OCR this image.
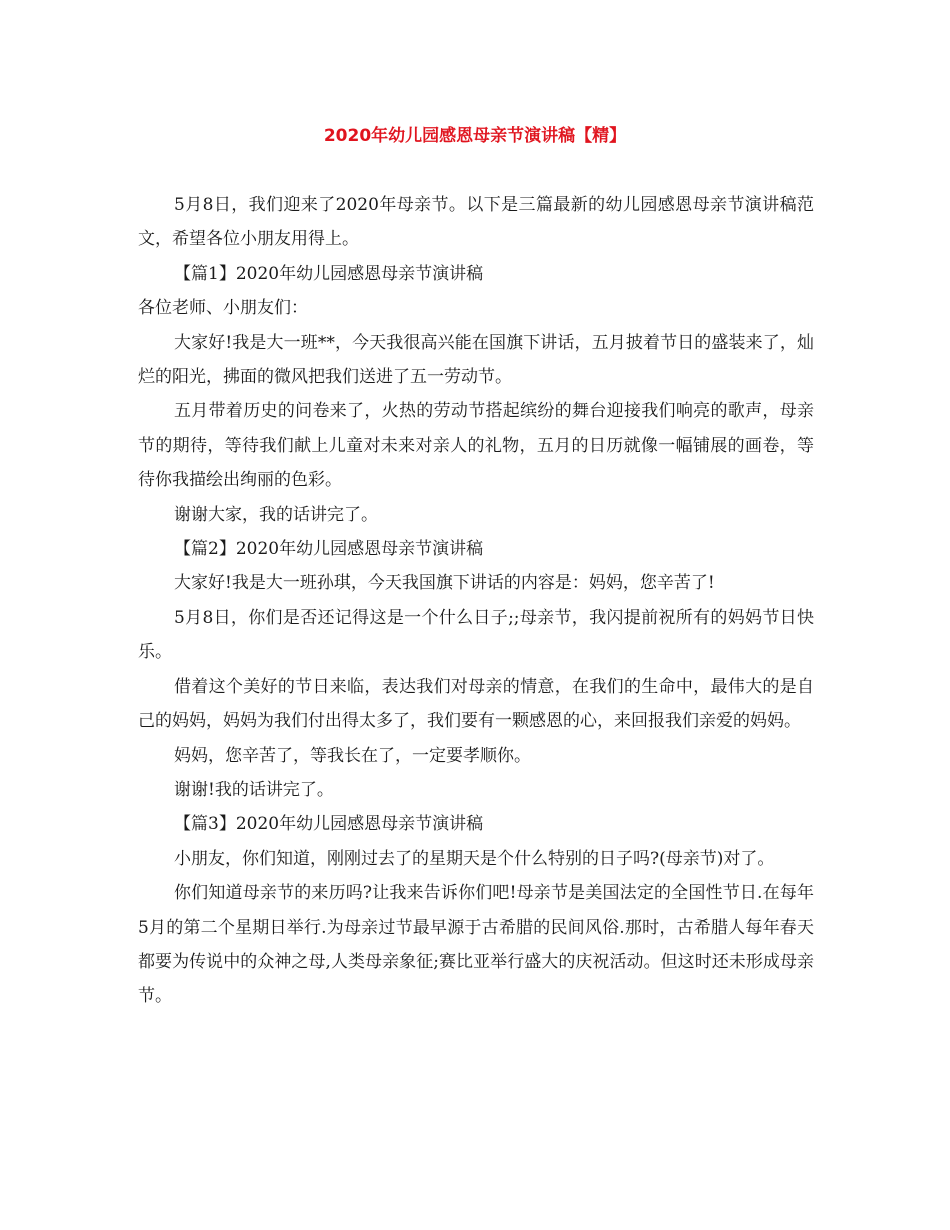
2020年幼儿园感恩母亲节演讲稿【精】

5月8日，我们迎来了2020年母亲节。以下是三篇最新的幼儿园感恩母亲节演讲稿范文，希望各位小朋友用得上。

【篇1】2020年幼儿园感恩母亲节演讲稿

各位老师、小朋友们：

大家好!我是大一班**，今天我很高兴能在国旗下讲话，五月披着节日的盛装来了，灿烂的阳光，拂面的微风把我们送进了五一劳动节。

五月带着历史的问卷来了，火热的劳动节搭起缤纷的舞台迎接我们响亮的歌声，母亲节的期待，等待我们献上儿童对未来对亲人的礼物，五月的日历就像一幅铺展的画卷，等待你我描绘出绚丽的色彩。

谢谢大家，我的话讲完了。

【篇2】2020年幼儿园感恩母亲节演讲稿

大家好!我是大一班孙琪，今天我国旗下讲话的内容是：妈妈，您辛苦了!

5月8日，你们是否还记得这是一个什么日子;;母亲节，我闪提前祝所有的妈妈节日快乐。

借着这个美好的节日来临，表达我们对母亲的情意，在我们的生命中，最伟大的是自己的妈妈，妈妈为我们付出得太多了，我们要有一颗感恩的心，来回报我们亲爱的妈妈。

妈妈，您辛苦了，等我长在了，一定要孝顺你。

谢谢!我的话讲完了。

【篇3】2020年幼儿园感恩母亲节演讲稿

小朋友，你们知道，刚刚过去了的星期天是个什么特别的日子吗?(母亲节)对了。

你们知道母亲节的来历吗?让我来告诉你们吧!母亲节是美国法定的全国性节日.在每年5月的第二个星期日举行.为母亲过节最早源于古希腊的民间风俗.那时，古希腊人每年春天都要为传说中的众神之母,人类母亲象征;赛比亚举行盛大的庆祝活动。但这时还未形成母亲节。
